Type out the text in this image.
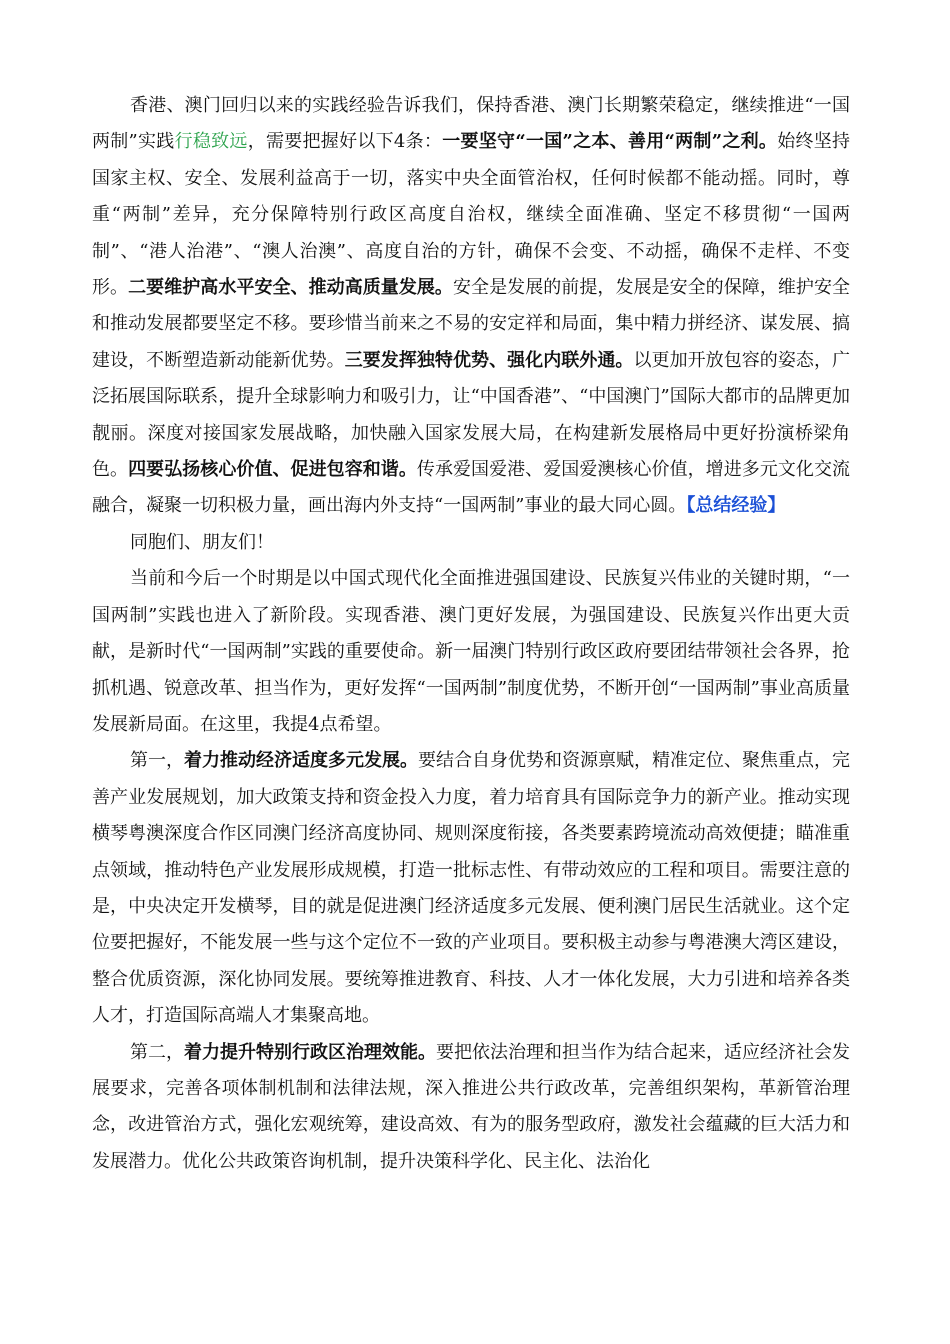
香港、澳门回归以来的实践经验告诉我们，保持香港、澳门长期繁荣稳定，继续推进“一国两制”实践行稳致远，需要把握好以下4条：一要坚守“一国”之本、善用“两制”之利。始终坚持国家主权、安全、发展利益高于一切，落实中央全面管治权，任何时候都不能动摇。同时，尊重“两制”差异，充分保障特别行政区高度自治权，继续全面准确、坚定不移贯彻“一国两制”、“港人治港”、“澳人治澳”、高度自治的方针，确保不会变、不动摇，确保不走样、不变形。二要维护高水平安全、推动高质量发展。安全是发展的前提，发展是安全的保障，维护安全和推动发展都要坚定不移。要珍惜当前来之不易的安定祥和局面，集中精力拼经济、谋发展、搞建设，不断塑造新动能新优势。三要发挥独特优势、强化内联外通。以更加开放包容的姿态，广泛拓展国际联系，提升全球影响力和吸引力，让“中国香港”、“中国澳门”国际大都市的品牌更加靓丽。深度对接国家发展战略，加快融入国家发展大局，在构建新发展格局中更好扮演桥梁角色。四要弘扬核心价值、促进包容和谐。传承爱国爱港、爱国爱澳核心价值，增进多元文化交流融合，凝聚一切积极力量，画出海内外支持“一国两制”事业的最大同心圆。【总结经验】

同胞们、朋友们！

当前和今后一个时期是以中国式现代化全面推进强国建设、民族复兴伟业的关键时期，“一国两制”实践也进入了新阶段。实现香港、澳门更好发展，为强国建设、民族复兴作出更大贡献，是新时代“一国两制”实践的重要使命。新一届澳门特别行政区政府要团结带领社会各界，抢抓机遇、锐意改革、担当作为，更好发挥“一国两制”制度优势，不断开创“一国两制”事业高质量发展新局面。在这里，我提4点希望。

第一，着力推动经济适度多元发展。要结合自身优势和资源禀赋，精准定位、聚焦重点，完善产业发展规划，加大政策支持和资金投入力度，着力培育具有国际竞争力的新产业。推动实现横琴粤澳深度合作区同澳门经济高度协同、规则深度衔接，各类要素跨境流动高效便捷；瞄准重点领域，推动特色产业发展形成规模，打造一批标志性、有带动效应的工程和项目。需要注意的是，中央决定开发横琴，目的就是促进澳门经济适度多元发展、便利澳门居民生活就业。这个定位要把握好，不能发展一些与这个定位不一致的产业项目。要积极主动参与粤港澳大湾区建设，整合优质资源，深化协同发展。要统筹推进教育、科技、人才一体化发展，大力引进和培养各类人才，打造国际高端人才集聚高地。

第二，着力提升特别行政区治理效能。要把依法治理和担当作为结合起来，适应经济社会发展要求，完善各项体制机制和法律法规，深入推进公共行政改革，完善组织架构，革新管治理念，改进管治方式，强化宏观统筹，建设高效、有为的服务型政府，激发社会蕴藏的巨大活力和发展潜力。优化公共政策咨询机制，提升决策科学化、民主化、法治化
